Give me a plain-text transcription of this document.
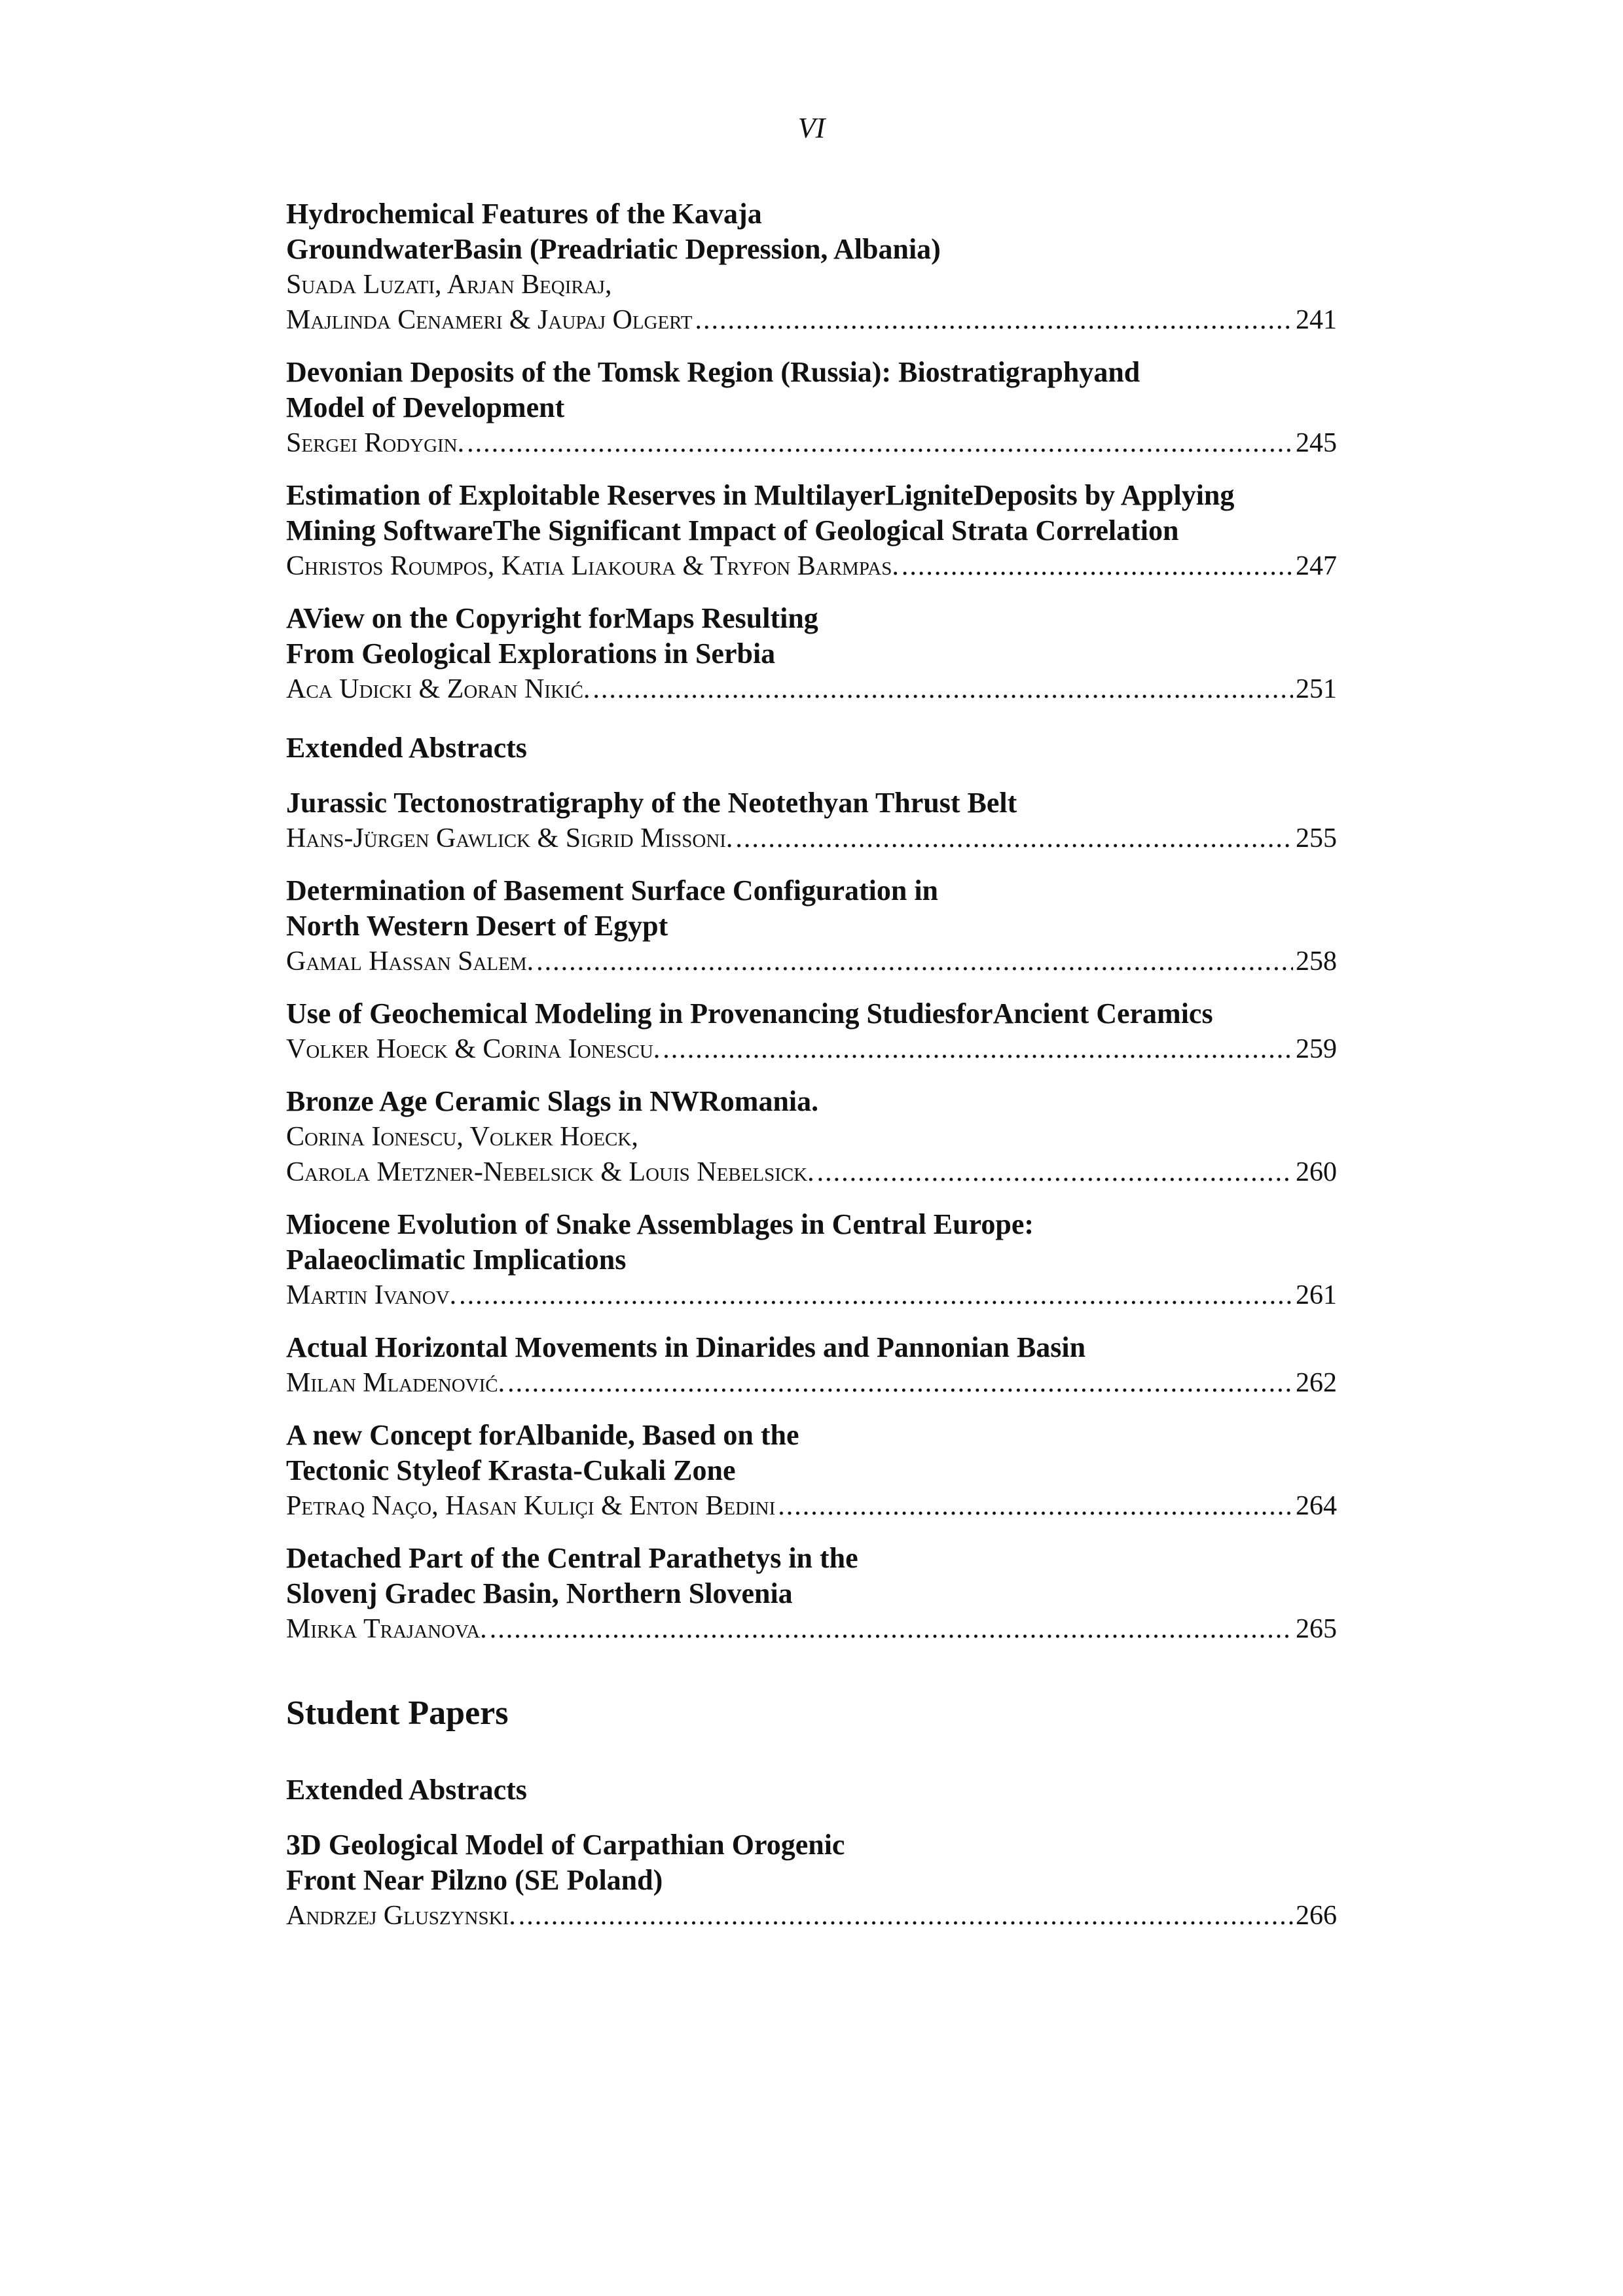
VI
Hydrochemical Features of the Kavaja
GroundwaterBasin (Preadriatic Depression, Albania)
Suada Luzati, Arjan Beqiraj,
Majlinda Cenameri & Jaupaj Olgert .....	241
Devonian Deposits of the Tomsk Region (Russia): Biostratigraphyand
Model of Development
Sergei Rodygin. .....	245
Estimation of Exploitable Reserves in MultilayerLigniteDeposits by Applying
Mining SoftwareThe Significant Impact of Geological Strata Correlation
Christos Roumpos, Katia Liakoura & Tryfon Barmpas. .....	247
AView on the Copyright forMaps Resulting
From Geological Explorations in Serbia
Aca Udicki & Zoran Nikić. .....	251
Extended Abstracts
Jurassic Tectonostratigraphy of the Neotethyan Thrust Belt
Hans-Jürgen Gawlick & Sigrid Missoni. .....	255
Determination of Basement Surface Configuration in
North Western Desert of Egypt
Gamal Hassan Salem. .....	258
Use of Geochemical Modeling in Provenancing StudiesforAncient Ceramics
Volker Hoeck & Corina Ionescu. .....	259
Bronze Age Ceramic Slags in NWRomania.
Corina Ionescu, Volker Hoeck,
Carola Metzner-Nebelsick & Louis Nebelsick. .....	260
Miocene Evolution of Snake Assemblages in Central Europe:
Palaeoclimatic Implications
Martin Ivanov. .....	261
Actual Horizontal Movements in Dinarides and Pannonian Basin
Milan Mladenović. .....	262
A new Concept forAlbanide, Based on the
Tectonic Styleof Krasta-Cukali Zone
Petraq Naço, Hasan Kuliçi & Enton Bedini .....	264
Detached Part of the Central Parathetys in the
Slovenj Gradec Basin, Northern Slovenia
Mirka Trajanova. .....	265
Student Papers
Extended Abstracts
3D Geological Model of Carpathian Orogenic
Front Near Pilzno (SE Poland)
Andrzej Gluszynski. .....	266
